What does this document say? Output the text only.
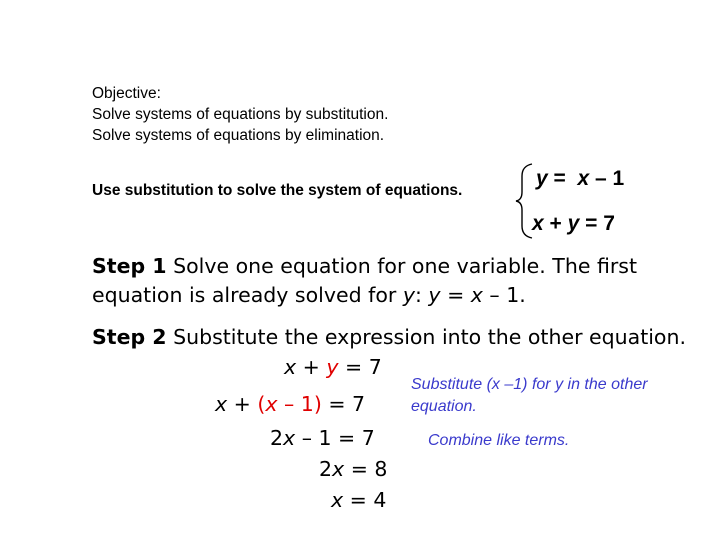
Objective:
Solve systems of equations by substitution.
Solve systems of equations by elimination.
Use substitution to solve the system of equations.
y =  x – 1
x + y = 7
Step 1 Solve one equation for one variable. The first equation is already solved for y: y = x – 1.
Step 2 Substitute the expression into the other equation.
x + y = 7
x + (x – 1) = 7
2x – 1 = 7
2x = 8
x = 4
Substitute (x –1) for y in the other
equation.
Combine like terms.
